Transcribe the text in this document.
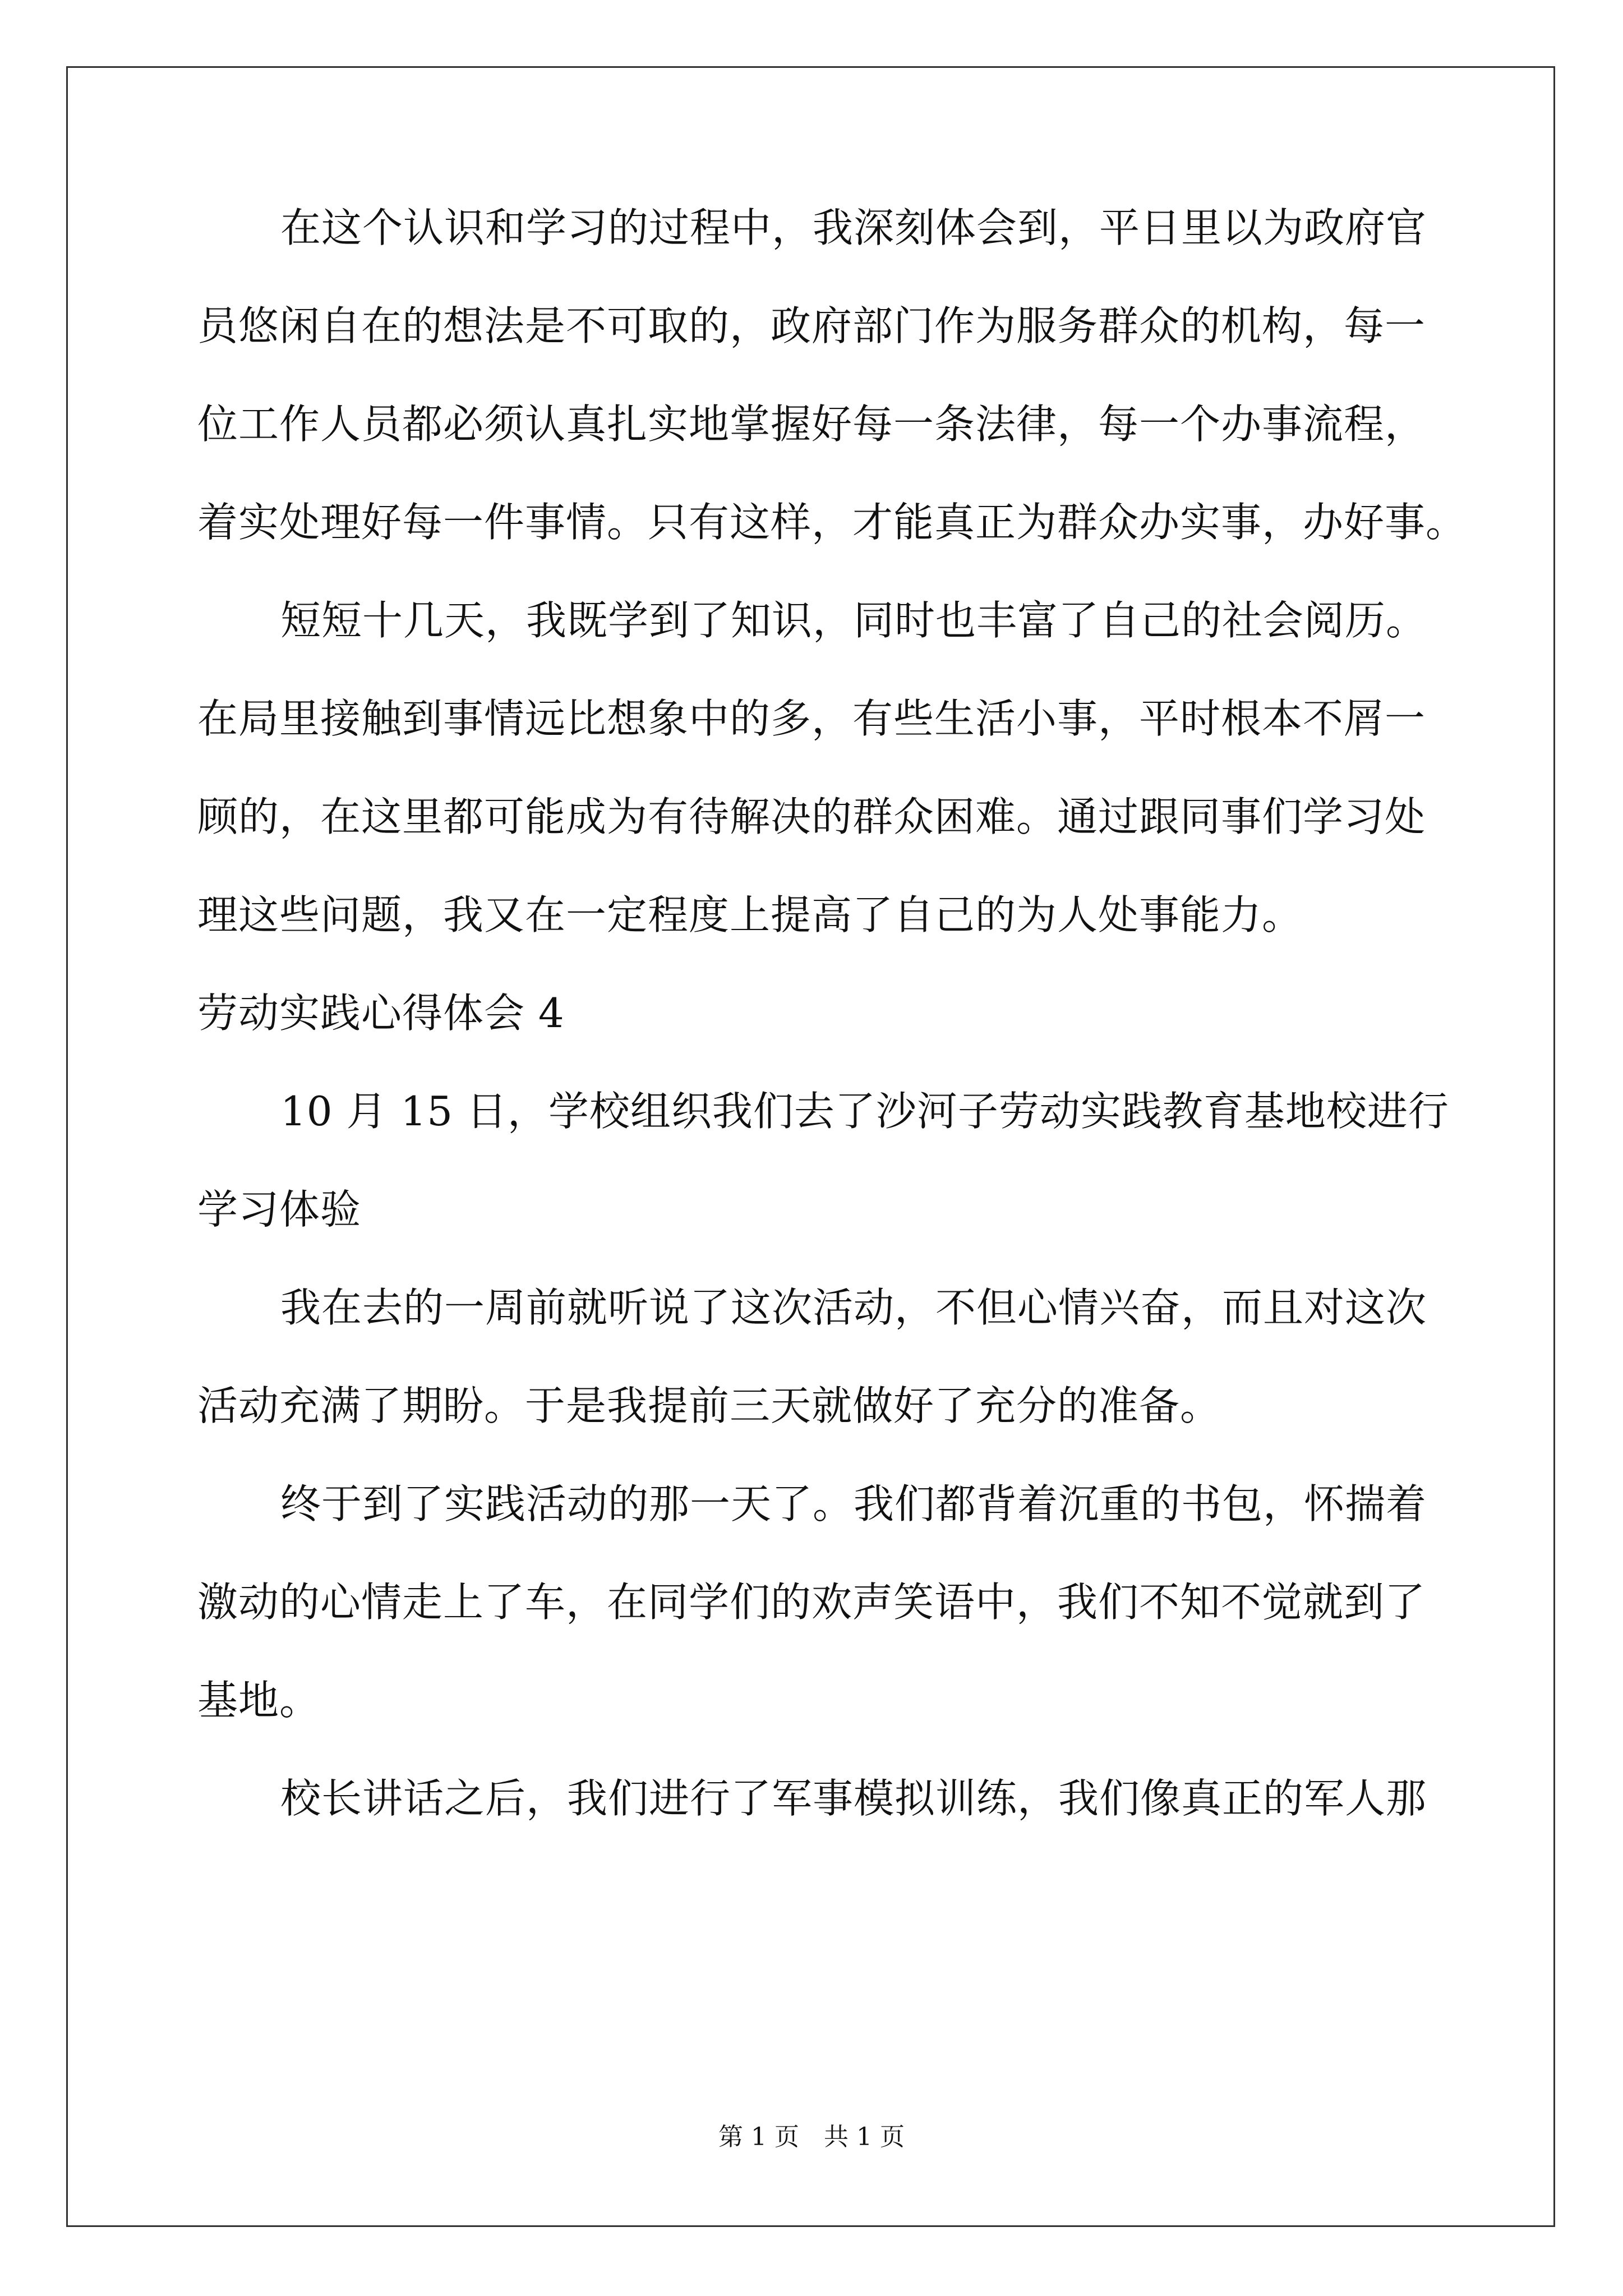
在这个认识和学习的过程中，我深刻体会到，平日里以为政府官
员悠闲自在的想法是不可取的，政府部门作为服务群众的机构，每一
位工作人员都必须认真扎实地掌握好每一条法律，每一个办事流程，
着实处理好每一件事情。只有这样，才能真正为群众办实事，办好事。
短短十几天，我既学到了知识，同时也丰富了自己的社会阅历。
在局里接触到事情远比想象中的多，有些生活小事，平时根本不屑一
顾的，在这里都可能成为有待解决的群众困难。通过跟同事们学习处
理这些问题，我又在一定程度上提高了自己的为人处事能力。
劳动实践心得体会 4
10 月 15 日，学校组织我们去了沙河子劳动实践教育基地校进行
学习体验
我在去的一周前就听说了这次活动，不但心情兴奋，而且对这次
活动充满了期盼。于是我提前三天就做好了充分的准备。
终于到了实践活动的那一天了。我们都背着沉重的书包，怀揣着
激动的心情走上了车，在同学们的欢声笑语中，我们不知不觉就到了
基地。
校长讲话之后，我们进行了军事模拟训练，我们像真正的军人那
第 1 页 共 1 页
